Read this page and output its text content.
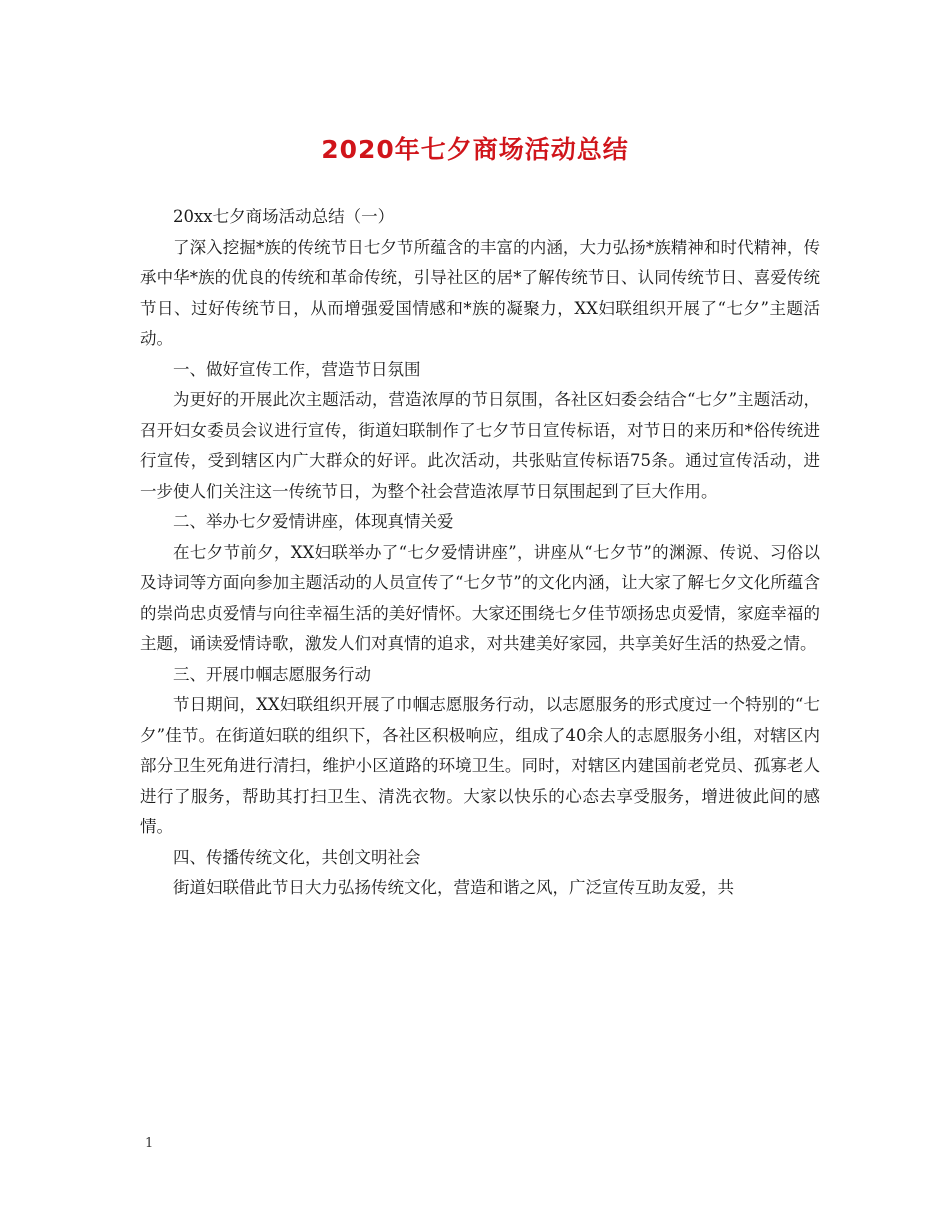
2020年七夕商场活动总结

20xx七夕商场活动总结（一）

了深入挖掘*族的传统节日七夕节所蕴含的丰富的内涵，大力弘扬*族精神和时代精神，传承中华*族的优良的传统和革命传统，引导社区的居*了解传统节日、认同传统节日、喜爱传统节日、过好传统节日，从而增强爱国情感和*族的凝聚力，XX妇联组织开展了“七夕”主题活动。

一、做好宣传工作，营造节日氛围

为更好的开展此次主题活动，营造浓厚的节日氛围，各社区妇委会结合“七夕”主题活动，召开妇女委员会议进行宣传，街道妇联制作了七夕节日宣传标语，对节日的来历和*俗传统进行宣传，受到辖区内广大群众的好评。此次活动，共张贴宣传标语75条。通过宣传活动，进一步使人们关注这一传统节日，为整个社会营造浓厚节日氛围起到了巨大作用。

二、举办七夕爱情讲座，体现真情关爱

在七夕节前夕，XX妇联举办了“七夕爱情讲座”，讲座从“七夕节”的渊源、传说、习俗以及诗词等方面向参加主题活动的人员宣传了“七夕节”的文化内涵，让大家了解七夕文化所蕴含的崇尚忠贞爱情与向往幸福生活的美好情怀。大家还围绕七夕佳节颂扬忠贞爱情，家庭幸福的主题，诵读爱情诗歌，激发人们对真情的追求，对共建美好家园，共享美好生活的热爱之情。

三、开展巾帼志愿服务行动

节日期间，XX妇联组织开展了巾帼志愿服务行动，以志愿服务的形式度过一个特别的“七夕”佳节。在街道妇联的组织下，各社区积极响应，组成了40余人的志愿服务小组，对辖区内部分卫生死角进行清扫，维护小区道路的环境卫生。同时，对辖区内建国前老党员、孤寡老人进行了服务，帮助其打扫卫生、清洗衣物。大家以快乐的心态去享受服务，增进彼此间的感情。

四、传播传统文化，共创文明社会

街道妇联借此节日大力弘扬传统文化，营造和谐之风，广泛宣传互助友爱，共

1
